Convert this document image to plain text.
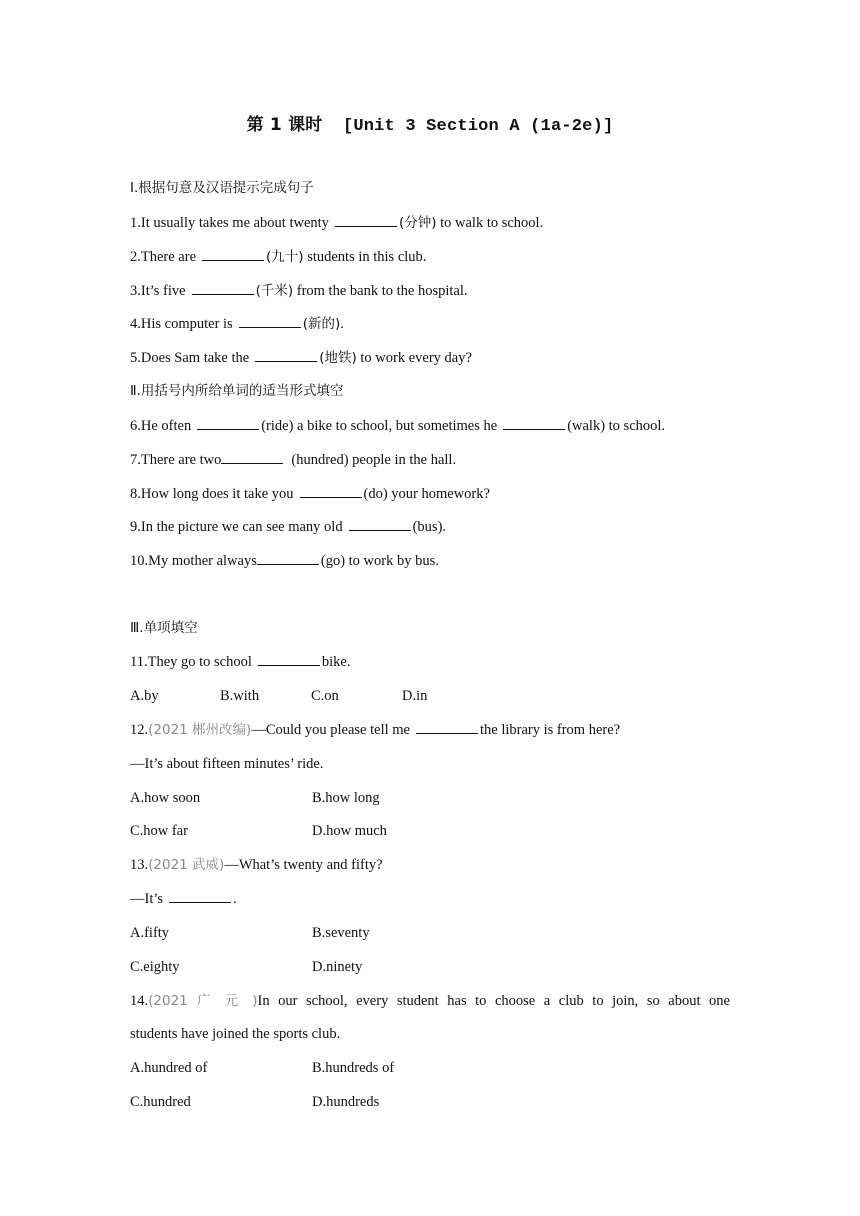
第 1 课时 [Unit 3 Section A (1a-2e)]
Ⅰ.根据句意及汉语提示完成句子
1.It usually takes me about twenty	(分钟) to walk to school.
2.There are	(九十) students in this club.
3.It’s five	(千米) from the bank to the hospital.
4.His computer is	(新的).
5.Does Sam take the	(地铁) to work every day?
Ⅱ.用括号内所给单词的适当形式填空
6.He often	(ride) a bike to school, but sometimes he	(walk) to school.
7.There are two	(hundred) people in the hall.
8.How long does it take you	(do) your homework?
9.In the picture we can see many old	(bus).
10.My mother always	(go) to work by bus.
Ⅲ.单项填空
11.They go to school	bike.
A.by	B.with	C.on	D.in
12.(2021 郴州改编)—Could you please tell me	the library is from here?
—It’s about fifteen minutes’ ride.
A.how soon	B.how long
C.how far	D.how much
13.(2021 武威)—What’s twenty and fifty?
—It’s	.
A.fifty	B.seventy
C.eighty	D.ninety
14.(2021 广 元 )In our school, every student has to choose a club to join, so about one
students have joined the sports club.
A.hundred of	B.hundreds of
C.hundred	D.hundreds
